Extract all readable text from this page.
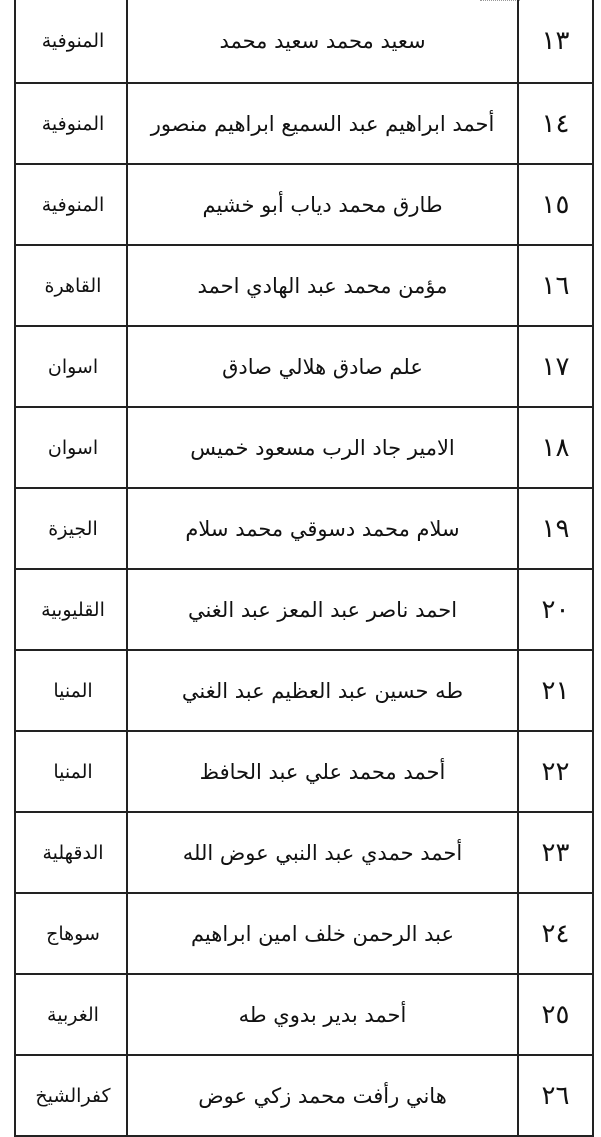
١٣
سعيد محمد سعيد محمد
المنوفية
١٤
أحمد ابراهيم عبد السميع ابراهيم منصور
المنوفية
١٥
طارق محمد دياب أبو خشيم
المنوفية
١٦
مؤمن محمد عبد الهادي احمد
القاهرة
١٧
علم صادق هلالي صادق
اسوان
١٨
الامير جاد الرب مسعود خميس
اسوان
١٩
سلام محمد دسوقي محمد سلام
الجيزة
٢٠
احمد ناصر عبد المعز عبد الغني
القليوبية
٢١
طه حسين عبد العظيم عبد الغني
المنيا
٢٢
أحمد محمد علي عبد الحافظ
المنيا
٢٣
أحمد حمدي عبد النبي عوض الله
الدقهلية
٢٤
عبد الرحمن خلف امين ابراهيم
سوهاج
٢٥
أحمد بدير بدوي طه
الغربية
٢٦
هاني رأفت محمد زكي عوض
كفرالشيخ
